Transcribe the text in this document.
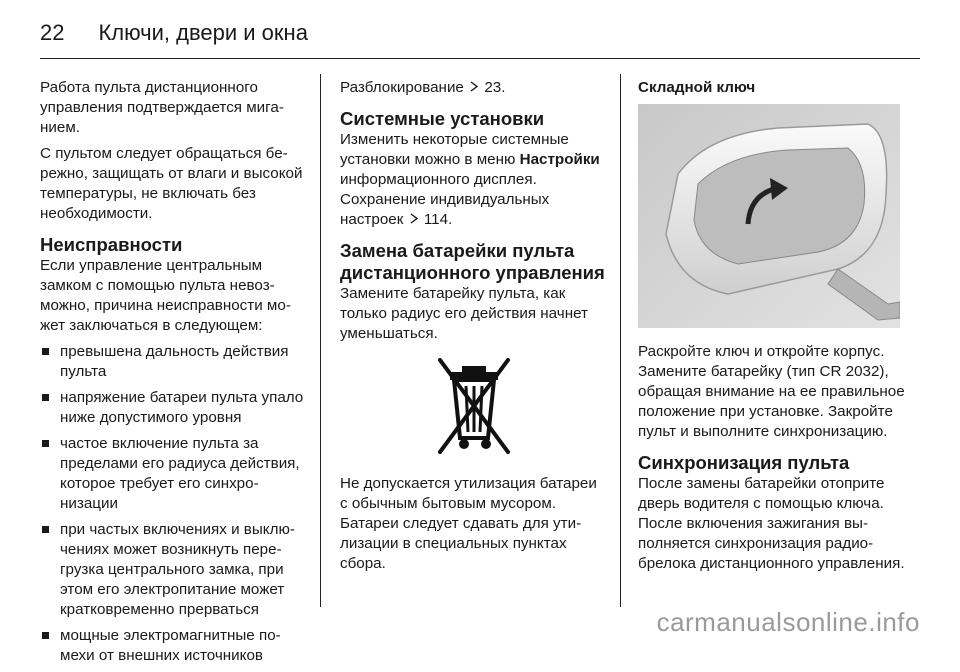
22 Ключи, двери и окна

Работа пульта дистанционного управления подтверждается миганием.

С пультом следует обращаться бережно, защищать от влаги и высокой температуры, не включать без необходимости.

Неисправности

Если управление центральным замком с помощью пульта невозможно, причина неисправности может заключаться в следующем:

превышена дальность действия пульта
напряжение батареи пульта упало ниже допустимого уровня
частое включение пульта за пределами его радиуса действия, которое требует его синхронизации
при частых включениях и выключениях может возникнуть перегрузка центрального замка, при этом его электропитание может кратковременно прерваться
мощные электромагнитные помехи от внешних источников

Разблокирование 23.

Системные установки

Изменить некоторые системные установки можно в меню Настройки информационного дисплея. Сохранение индивидуальных настроек 114.

Замена батарейки пульта дистанционного управления

Замените батарейку пульта, как только радиус его действия начнет уменьшаться.

Не допускается утилизация батареи с обычным бытовым мусором. Батареи следует сдавать для утилизации в специальных пунктах сбора.

Складной ключ

Раскройте ключ и откройте корпус. Замените батарейку (тип CR 2032), обращая внимание на ее правильное положение при установке. Закройте пульт и выполните синхронизацию.

Синхронизация пульта

После замены батарейки отоприте дверь водителя с помощью ключа. После включения зажигания выполняется синхронизация радиобрелока дистанционного управления.

carmanualsonline.info
